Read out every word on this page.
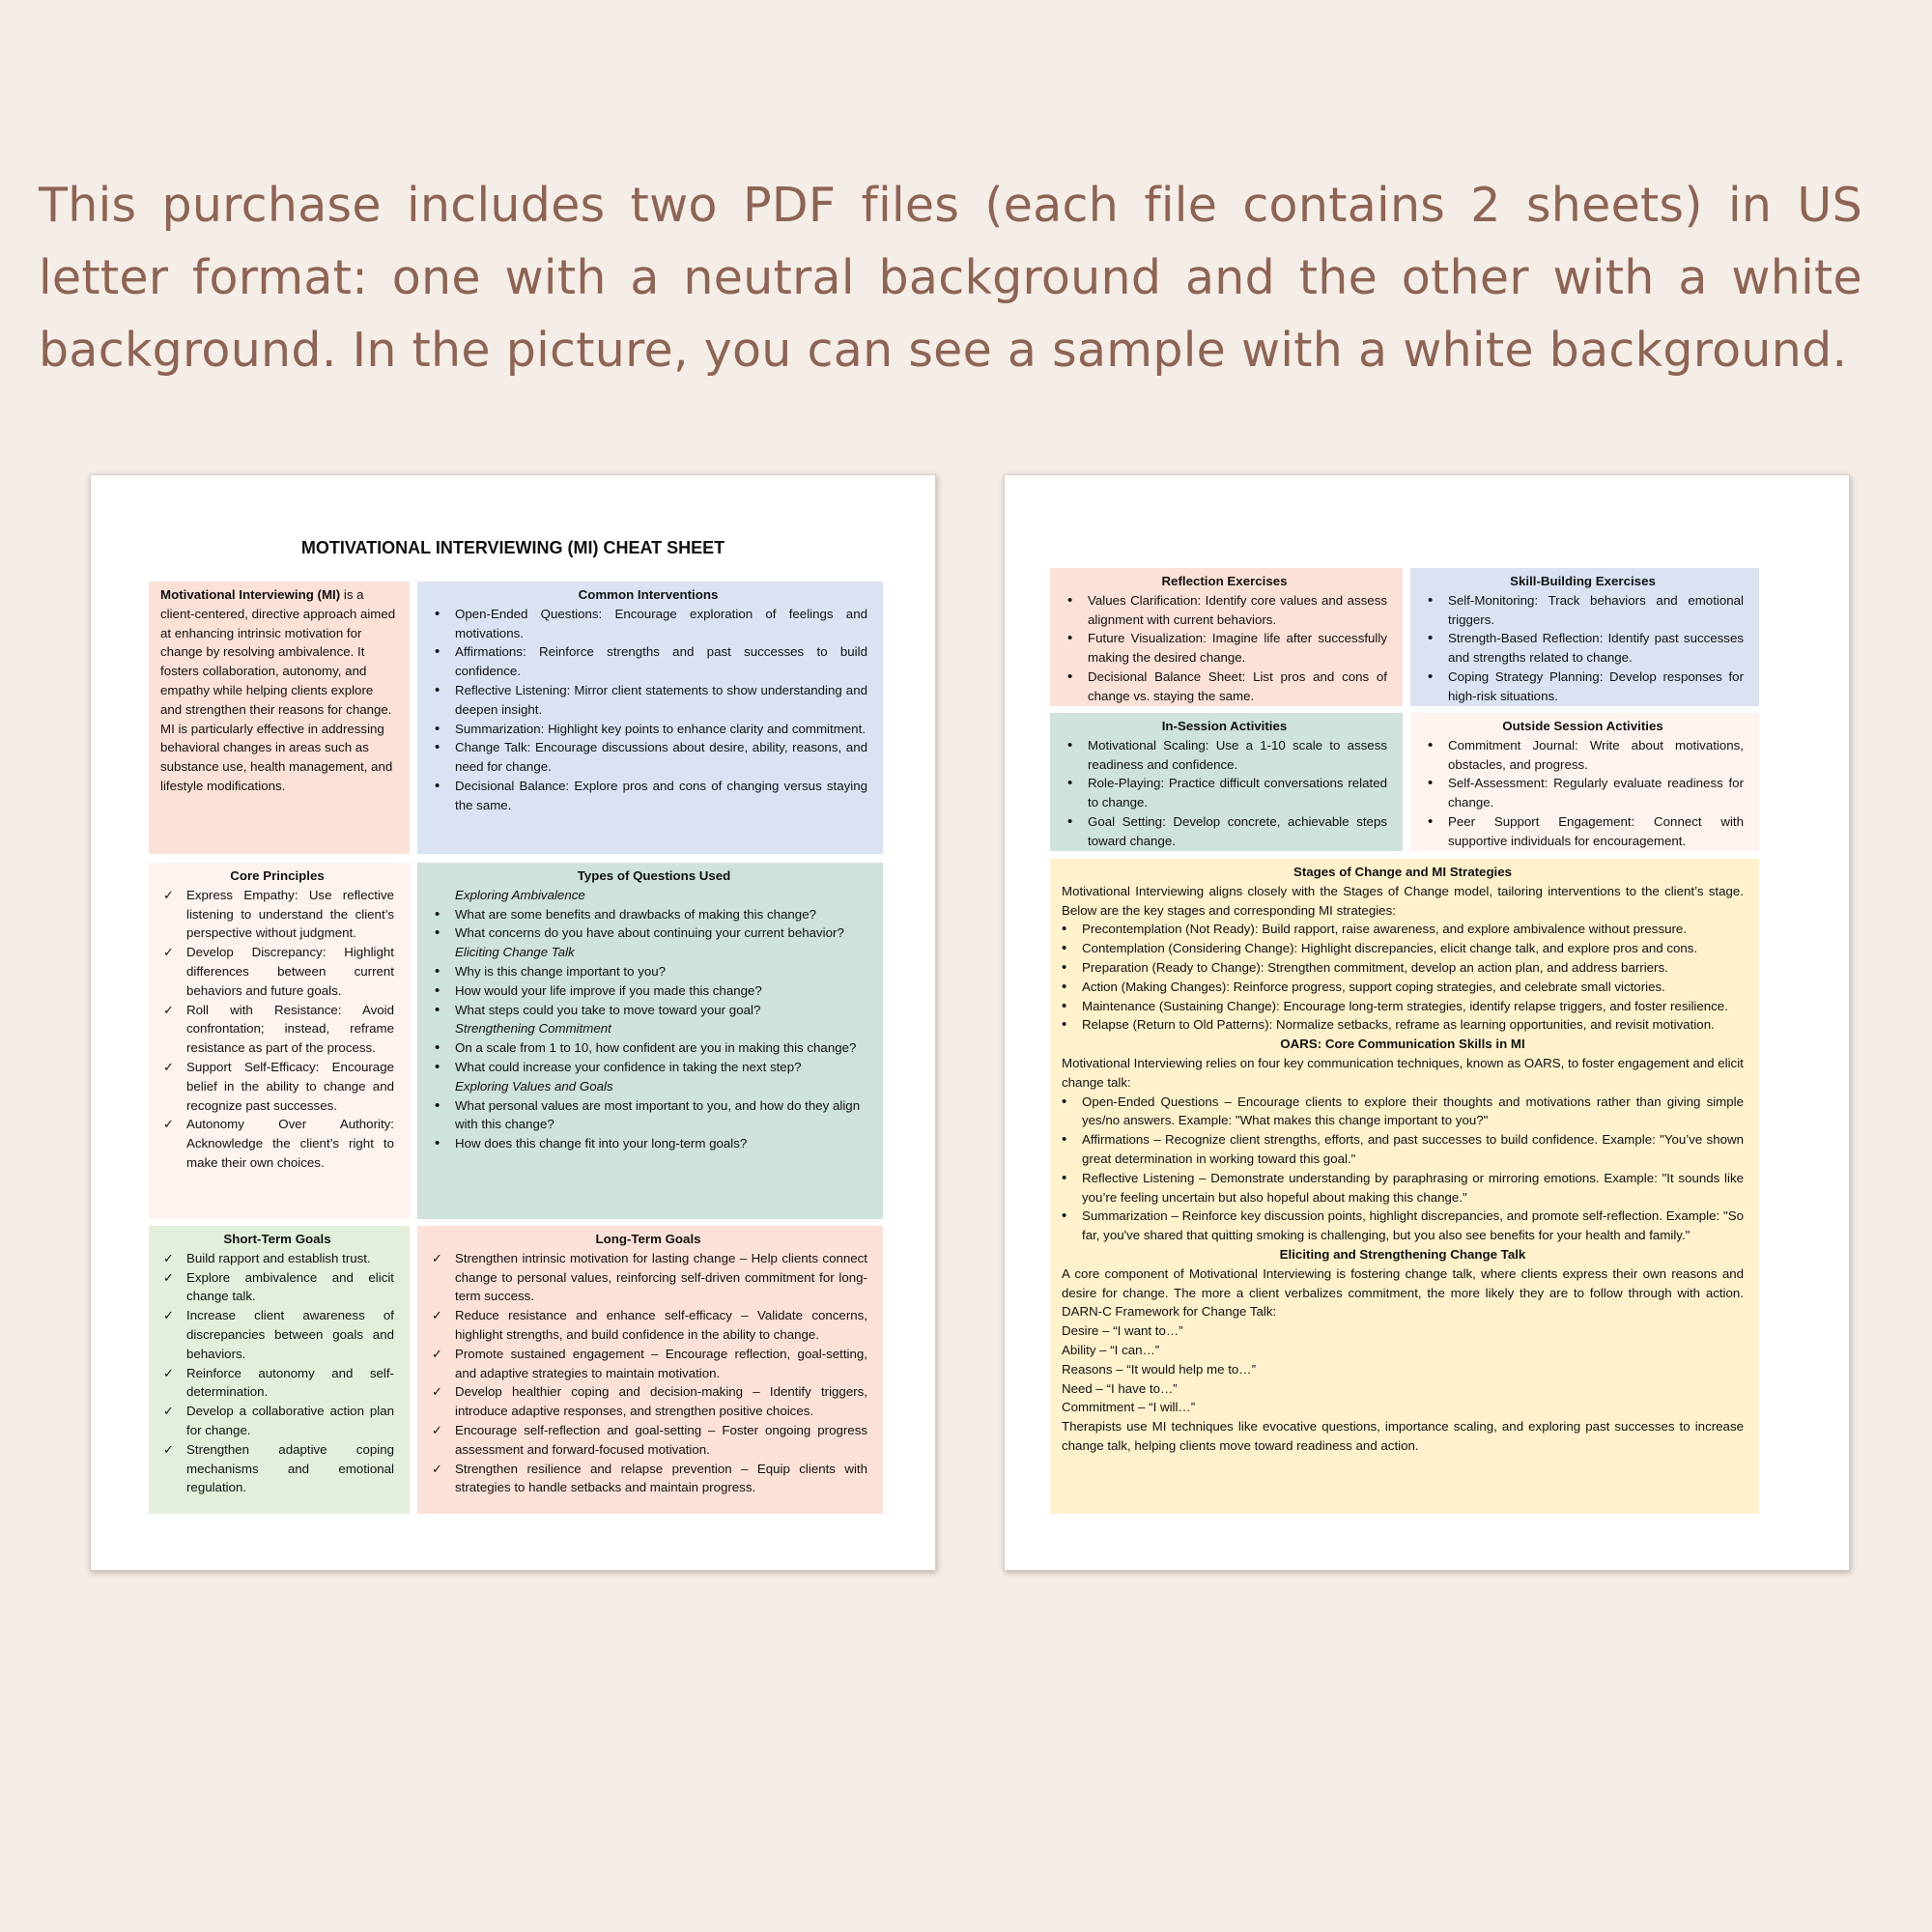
This purchase includes two PDF files (each file contains 2 sheets) in US letter format: one with a neutral background and the other with a white background. In the picture, you can see a sample with a white background.

MOTIVATIONAL INTERVIEWING (MI) CHEAT SHEET

Motivational Interviewing (MI) is a client-centered, directive approach aimed at enhancing intrinsic motivation for change by resolving ambivalence. It fosters collaboration, autonomy, and empathy while helping clients explore and strengthen their reasons for change. MI is particularly effective in addressing behavioral changes in areas such as substance use, health management, and lifestyle modifications.

Common Interventions
• Open-Ended Questions: Encourage exploration of feelings and motivations.
• Affirmations: Reinforce strengths and past successes to build confidence.
• Reflective Listening: Mirror client statements to show understanding and deepen insight.
• Summarization: Highlight key points to enhance clarity and commitment.
• Change Talk: Encourage discussions about desire, ability, reasons, and need for change.
• Decisional Balance: Explore pros and cons of changing versus staying the same.
Core Principles
✓ Express Empathy: Use reflective listening to understand the client’s perspective without judgment.
✓ Develop Discrepancy: Highlight differences between current behaviors and future goals.
✓ Roll with Resistance: Avoid confrontation; instead, reframe resistance as part of the process.
✓ Support Self-Efficacy: Encourage belief in the ability to change and recognize past successes.
✓ Autonomy Over Authority: Acknowledge the client’s right to make their own choices.
Types of Questions Used
Exploring Ambivalence
• What are some benefits and drawbacks of making this change?
• What concerns do you have about continuing your current behavior?
Eliciting Change Talk
• Why is this change important to you?
• How would your life improve if you made this change?
• What steps could you take to move toward your goal?
Strengthening Commitment
• On a scale from 1 to 10, how confident are you in making this change?
• What could increase your confidence in taking the next step?
Exploring Values and Goals
• What personal values are most important to you, and how do they align with this change?
• How does this change fit into your long-term goals?
Short-Term Goals
✓ Build rapport and establish trust.
✓ Explore ambivalence and elicit change talk.
✓ Increase client awareness of discrepancies between goals and behaviors.
✓ Reinforce autonomy and self-determination.
✓ Develop a collaborative action plan for change.
✓ Strengthen adaptive coping mechanisms and emotional regulation.
Long-Term Goals
✓ Strengthen intrinsic motivation for lasting change – Help clients connect change to personal values, reinforcing self-driven commitment for long-term success.
✓ Reduce resistance and enhance self-efficacy – Validate concerns, highlight strengths, and build confidence in the ability to change.
✓ Promote sustained engagement – Encourage reflection, goal-setting, and adaptive strategies to maintain motivation.
✓ Develop healthier coping and decision-making – Identify triggers, introduce adaptive responses, and strengthen positive choices.
✓ Encourage self-reflection and goal-setting – Foster ongoing progress assessment and forward-focused motivation.
✓ Strengthen resilience and relapse prevention – Equip clients with strategies to handle setbacks and maintain progress.
Reflection Exercises
• Values Clarification: Identify core values and assess alignment with current behaviors.
• Future Visualization: Imagine life after successfully making the desired change.
• Decisional Balance Sheet: List pros and cons of change vs. staying the same.
Skill-Building Exercises
• Self-Monitoring: Track behaviors and emotional triggers.
• Strength-Based Reflection: Identify past successes and strengths related to change.
• Coping Strategy Planning: Develop responses for high-risk situations.
In-Session Activities
• Motivational Scaling: Use a 1-10 scale to assess readiness and confidence.
• Role-Playing: Practice difficult conversations related to change.
• Goal Setting: Develop concrete, achievable steps toward change.
Outside Session Activities
• Commitment Journal: Write about motivations, obstacles, and progress.
• Self-Assessment: Regularly evaluate readiness for change.
• Peer Support Engagement: Connect with supportive individuals for encouragement.
Stages of Change and MI Strategies

Motivational Interviewing aligns closely with the Stages of Change model, tailoring interventions to the client’s stage. Below are the key stages and corresponding MI strategies:

• Precontemplation (Not Ready): Build rapport, raise awareness, and explore ambivalence without pressure.
• Contemplation (Considering Change): Highlight discrepancies, elicit change talk, and explore pros and cons.
• Preparation (Ready to Change): Strengthen commitment, develop an action plan, and address barriers.
• Action (Making Changes): Reinforce progress, support coping strategies, and celebrate small victories.
• Maintenance (Sustaining Change): Encourage long-term strategies, identify relapse triggers, and foster resilience.
• Relapse (Return to Old Patterns): Normalize setbacks, reframe as learning opportunities, and revisit motivation.
OARS: Core Communication Skills in MI

Motivational Interviewing relies on four key communication techniques, known as OARS, to foster engagement and elicit change talk:

• Open-Ended Questions – Encourage clients to explore their thoughts and motivations rather than giving simple yes/no answers. Example: "What makes this change important to you?"
• Affirmations – Recognize client strengths, efforts, and past successes to build confidence. Example: "You’ve shown great determination in working toward this goal."
• Reflective Listening – Demonstrate understanding by paraphrasing or mirroring emotions. Example: "It sounds like you’re feeling uncertain but also hopeful about making this change."
• Summarization – Reinforce key discussion points, highlight discrepancies, and promote self-reflection. Example: "So far, you've shared that quitting smoking is challenging, but you also see benefits for your health and family."
Eliciting and Strengthening Change Talk

A core component of Motivational Interviewing is fostering change talk, where clients express their own reasons and desire for change. The more a client verbalizes commitment, the more likely they are to follow through with action. DARN-C Framework for Change Talk:

Desire – “I want to…”
Ability – “I can…”
Reasons – “It would help me to…”
Need – “I have to…”
Commitment – “I will…”

Therapists use MI techniques like evocative questions, importance scaling, and exploring past successes to increase change talk, helping clients move toward readiness and action.
